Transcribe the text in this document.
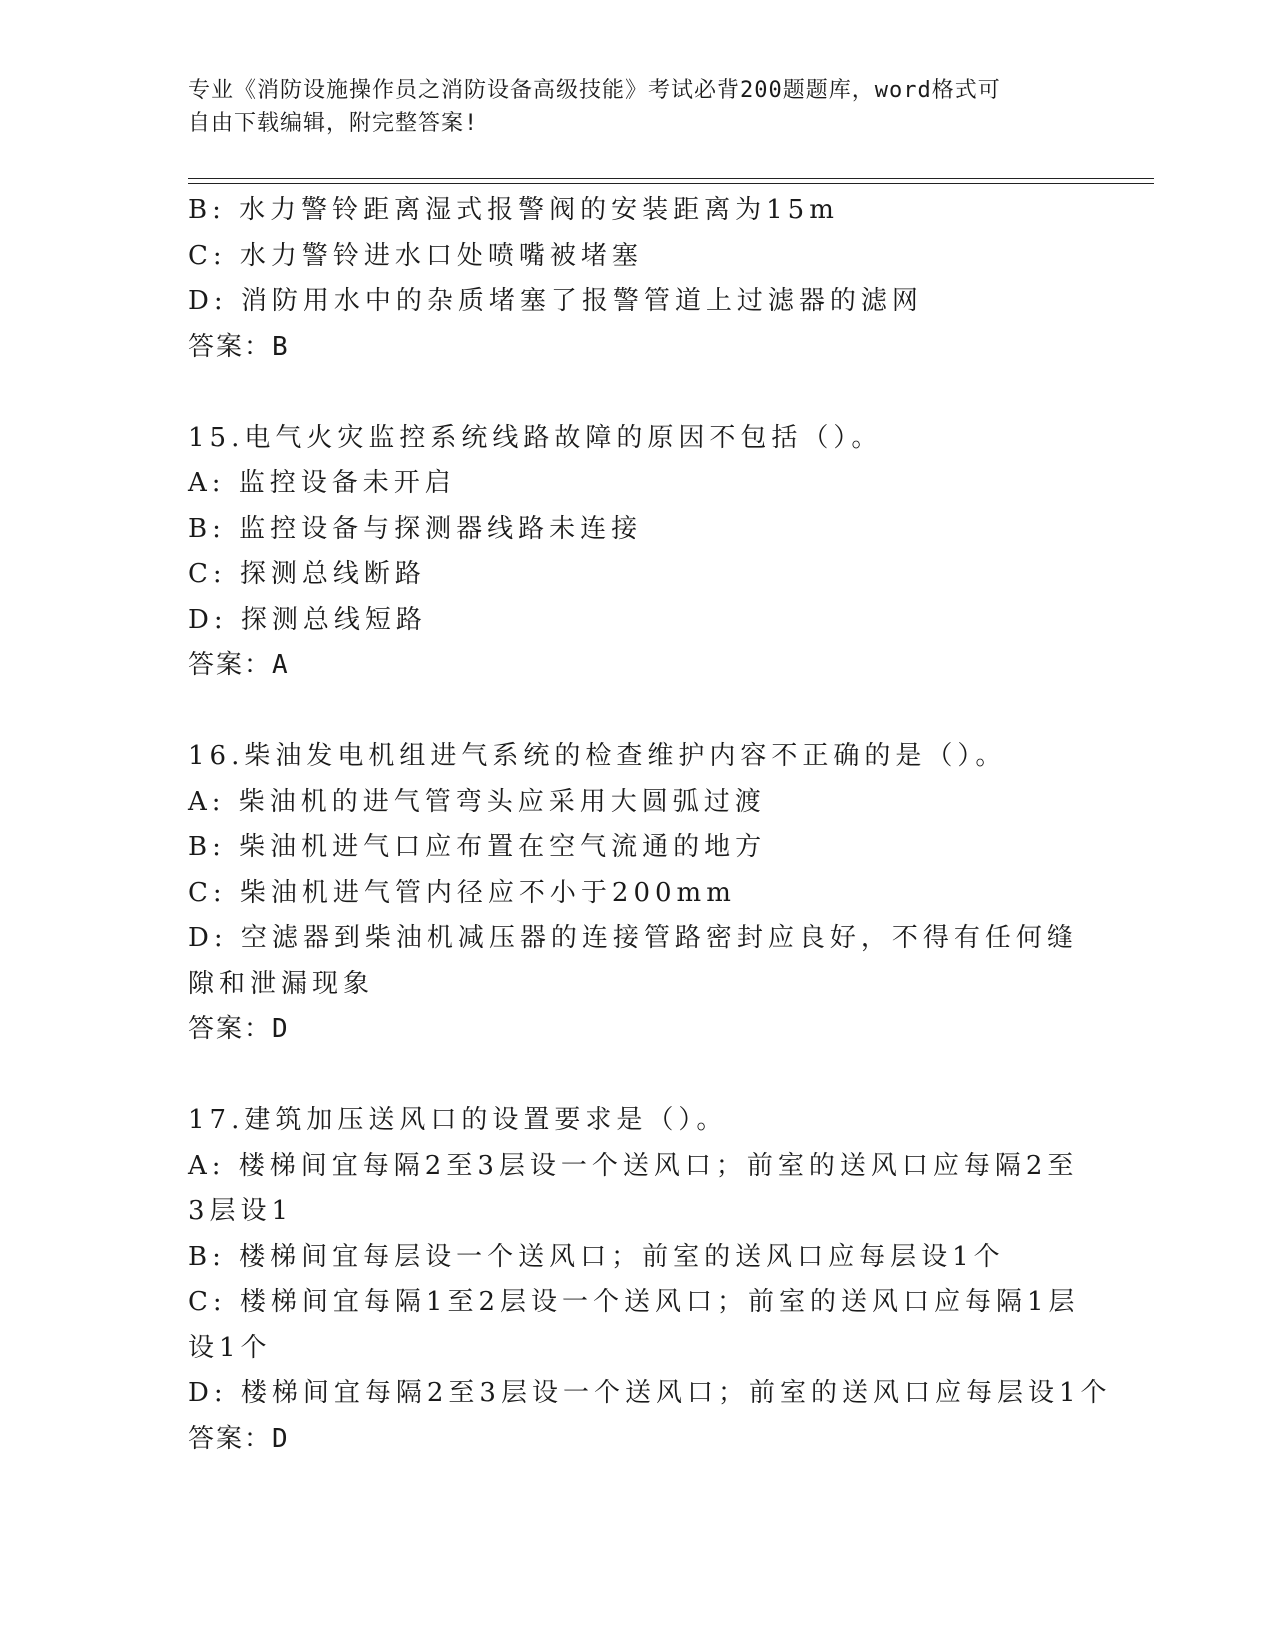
专业《消防设施操作员之消防设备高级技能》考试必背200题题库，word格式可
自由下载编辑，附完整答案!
B: 水力警铃距离湿式报警阀的安装距离为15m
C: 水力警铃进水口处喷嘴被堵塞
D: 消防用水中的杂质堵塞了报警管道上过滤器的滤网
答案：B
15.电气火灾监控系统线路故障的原因不包括（）。
A: 监控设备未开启
B: 监控设备与探测器线路未连接
C: 探测总线断路
D: 探测总线短路
答案：A
16.柴油发电机组进气系统的检查维护内容不正确的是（）。
A: 柴油机的进气管弯头应采用大圆弧过渡
B: 柴油机进气口应布置在空气流通的地方
C: 柴油机进气管内径应不小于200mm
D: 空滤器到柴油机减压器的连接管路密封应良好，不得有任何缝隙和泄漏现象
答案：D
17.建筑加压送风口的设置要求是（）。
A: 楼梯间宜每隔2至3层设一个送风口；前室的送风口应每隔2至3层设1
B: 楼梯间宜每层设一个送风口；前室的送风口应每层设1个
C: 楼梯间宜每隔1至2层设一个送风口；前室的送风口应每隔1层设1个
D: 楼梯间宜每隔2至3层设一个送风口；前室的送风口应每层设1个
答案：D
